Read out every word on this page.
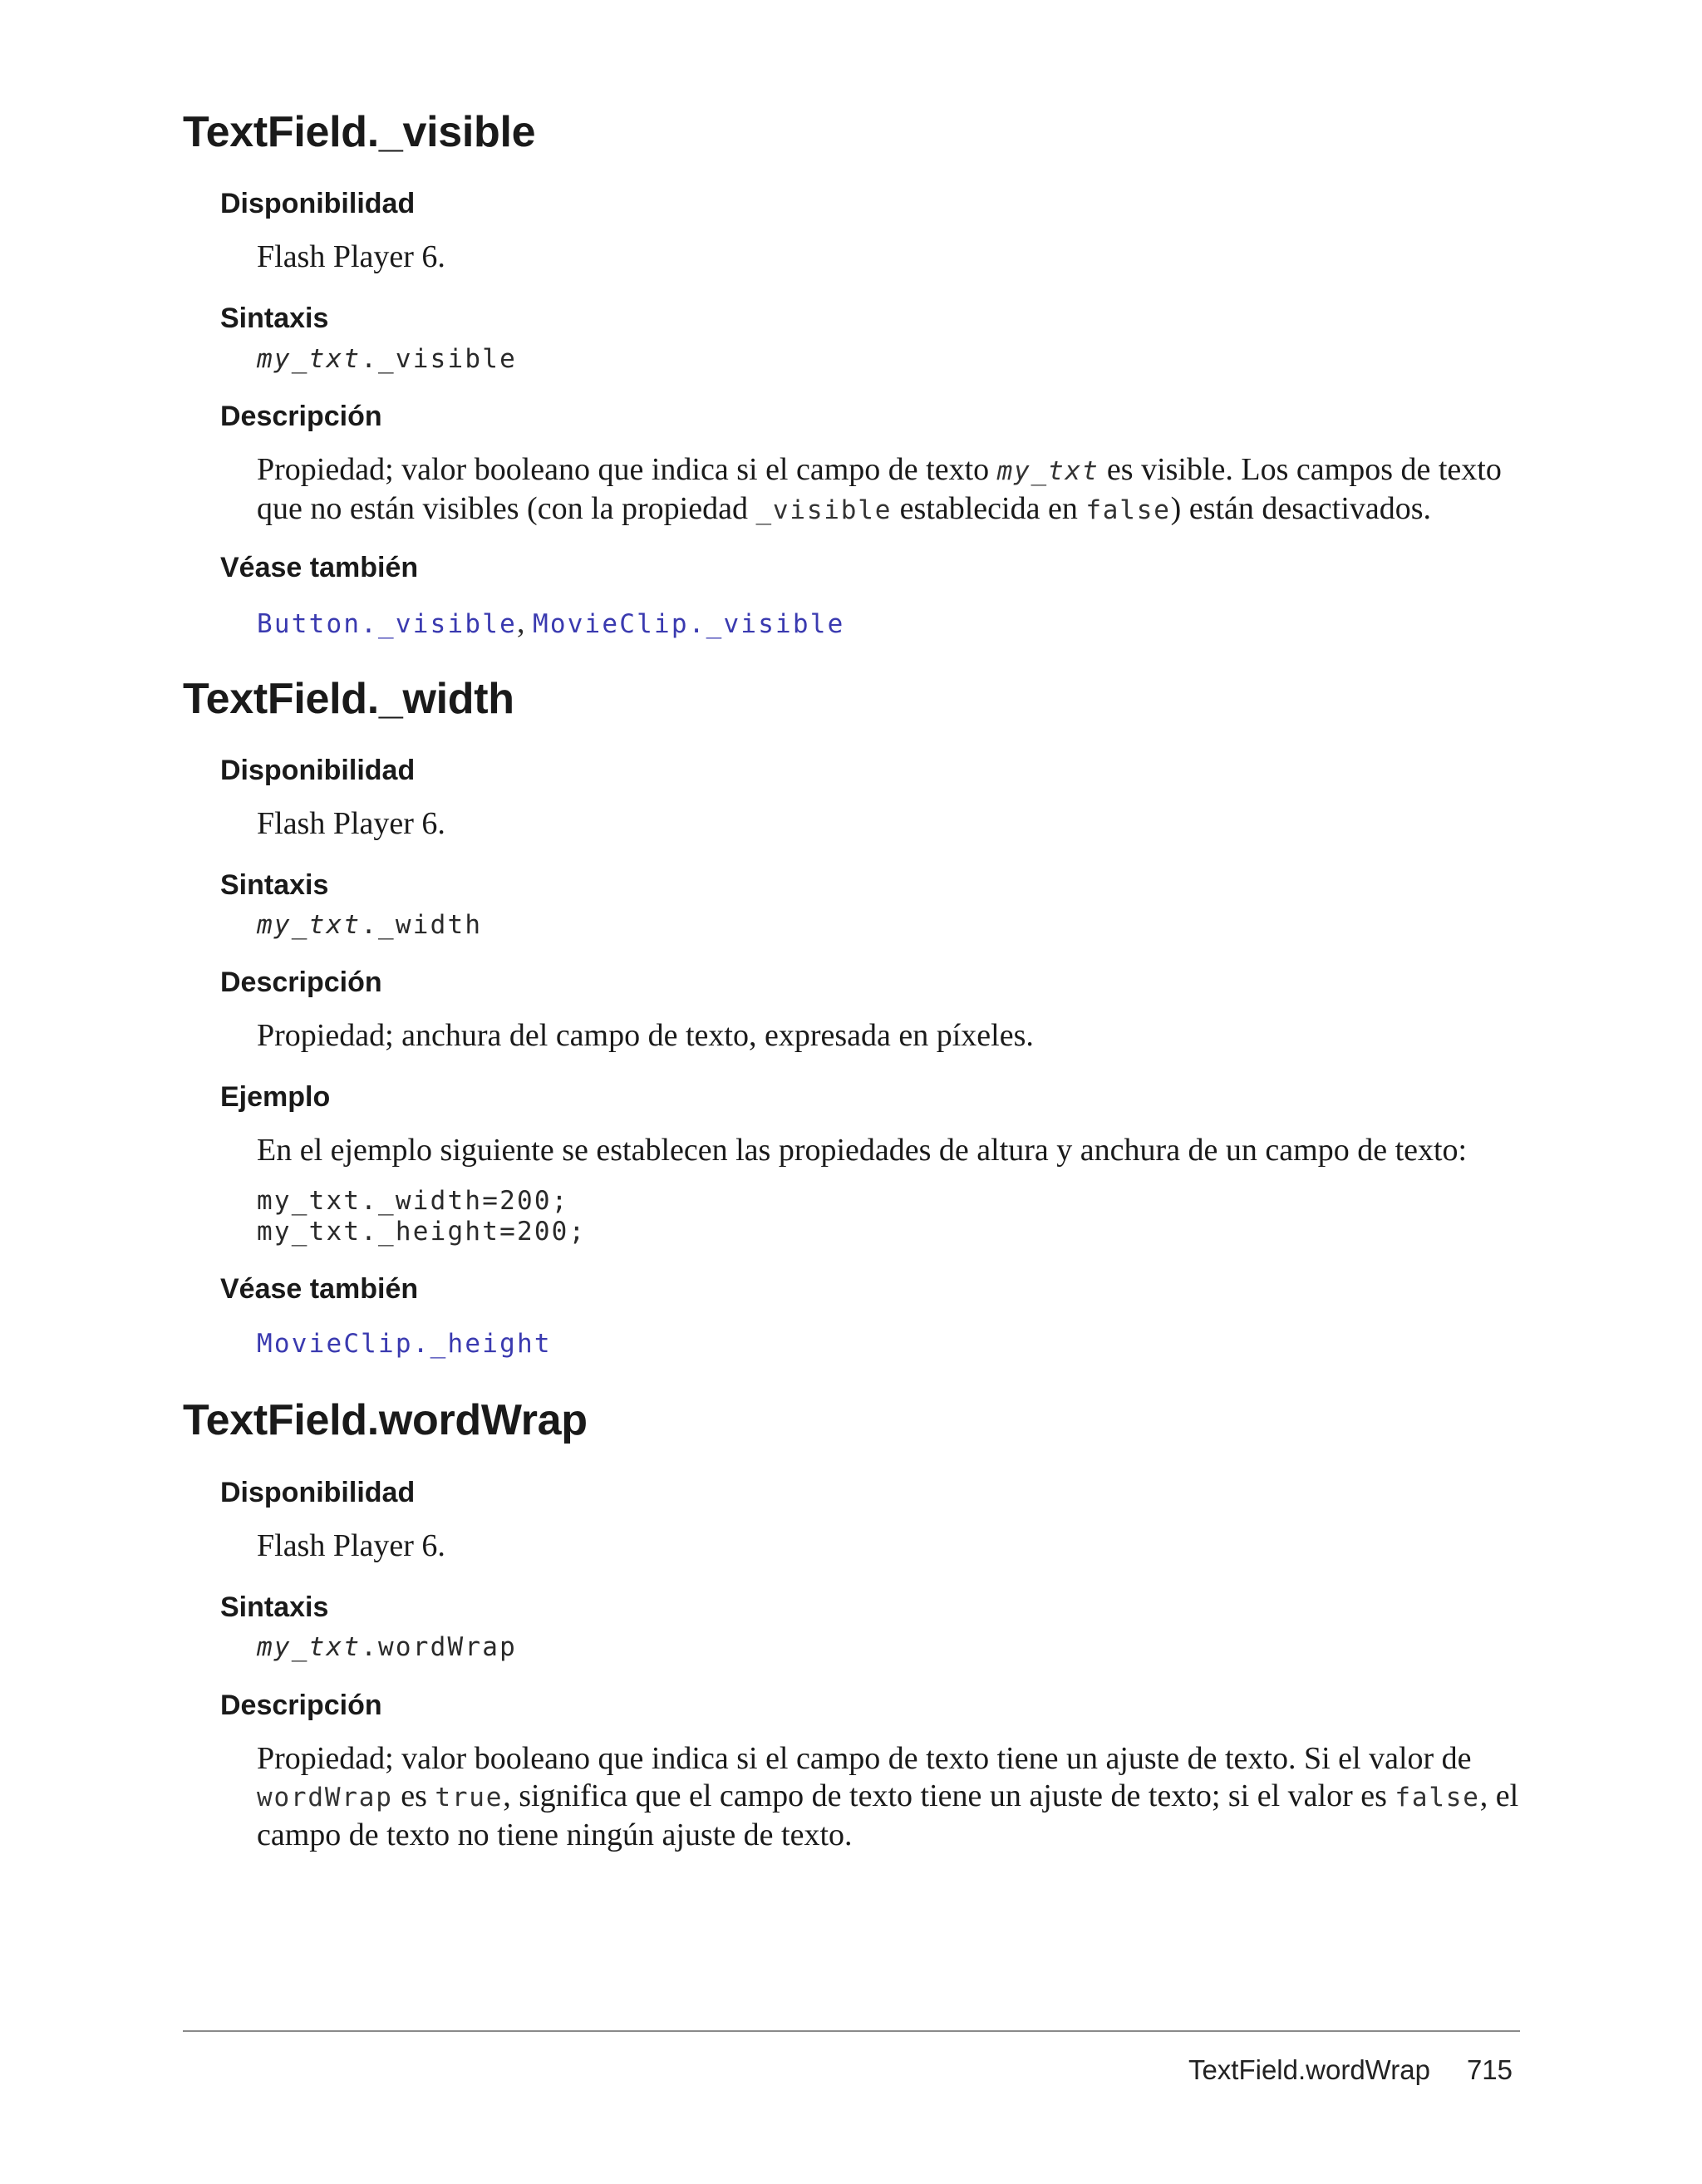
TextField._visible
Disponibilidad

Flash Player 6.

Sintaxis
my_txt._visible
Descripción

Propiedad; valor booleano que indica si el campo de texto my_txt es visible. Los campos de texto que no están visibles (con la propiedad _visible establecida en false) están desactivados.

Véase también
Button._visible, MovieClip._visible
TextField._width
Disponibilidad

Flash Player 6.

Sintaxis
my_txt._width
Descripción

Propiedad; anchura del campo de texto, expresada en píxeles.

Ejemplo

En el ejemplo siguiente se establecen las propiedades de altura y anchura de un campo de texto:

my_txt._width=200;
my_txt._height=200;
Véase también
MovieClip._height
TextField.wordWrap
Disponibilidad

Flash Player 6.

Sintaxis
my_txt.wordWrap
Descripción

Propiedad; valor booleano que indica si el campo de texto tiene un ajuste de texto. Si el valor de wordWrap es true, significa que el campo de texto tiene un ajuste de texto; si el valor es false, el campo de texto no tiene ningún ajuste de texto.

TextField.wordWrap 715
